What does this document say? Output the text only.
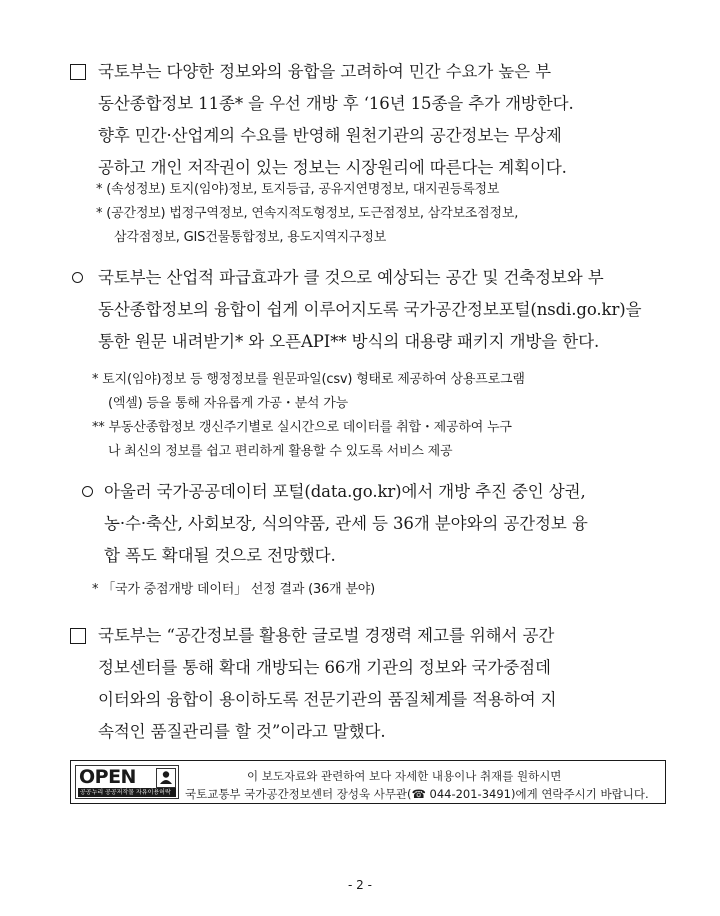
국토부는 다양한 정보와의 융합을 고려하여 민간 수요가 높은 부
동산종합정보 11종* 을 우선 개방 후 ‘16년 15종을 추가 개방한다.
향후 민간·산업계의 수요를 반영해 원천기관의 공간정보는 무상제
공하고 개인 저작권이 있는 정보는 시장원리에 따른다는 계획이다.
* (속성정보) 토지(임야)정보, 토지등급, 공유지연명정보, 대지권등록정보
* (공간정보) 법정구역정보, 연속지적도형정보, 도근점정보, 삼각보조점정보,
삼각점정보, GIS건물통합정보, 용도지역지구정보
국토부는 산업적 파급효과가 클 것으로 예상되는 공간 및 건축정보와 부
동산종합정보의 융합이 쉽게 이루어지도록 국가공간정보포털(nsdi.go.kr)을
통한 원문 내려받기* 와 오픈API** 방식의 대용량 패키지 개방을 한다.
* 토지(임야)정보 등 행정정보를 원문파일(csv) 형태로 제공하여 상용프로그램
(엑셀) 등을 통해 자유롭게 가공・분석 가능
** 부동산종합정보 갱신주기별로 실시간으로 데이터를 취합・제공하여 누구
나 최신의 정보를 쉽고 편리하게 활용할 수 있도록 서비스 제공
아울러 국가공공데이터 포털(data.go.kr)에서 개방 추진 중인 상권,
농·수·축산, 사회보장, 식의약품, 관세 등 36개 분야와의 공간정보 융
합 폭도 확대될 것으로 전망했다.
* 「국가 중점개방 데이터」 선정 결과 (36개 분야)
국토부는 “공간정보를 활용한 글로벌 경쟁력 제고를 위해서 공간
정보센터를 통해 확대 개방되는 66개 기관의 정보와 국가중점데
이터와의 융합이 용이하도록 전문기관의 품질체계를 적용하여 지
속적인 품질관리를 할 것”이라고 말했다.
OPEN
공공누리 공공저작물 자유이용허락
이 보도자료와 관련하여 보다 자세한 내용이나 취재를 원하시면
국토교통부 국가공간정보센터 장성욱 사무관(☎ 044-201-3491)에게 연락주시기 바랍니다.
- 2 -
